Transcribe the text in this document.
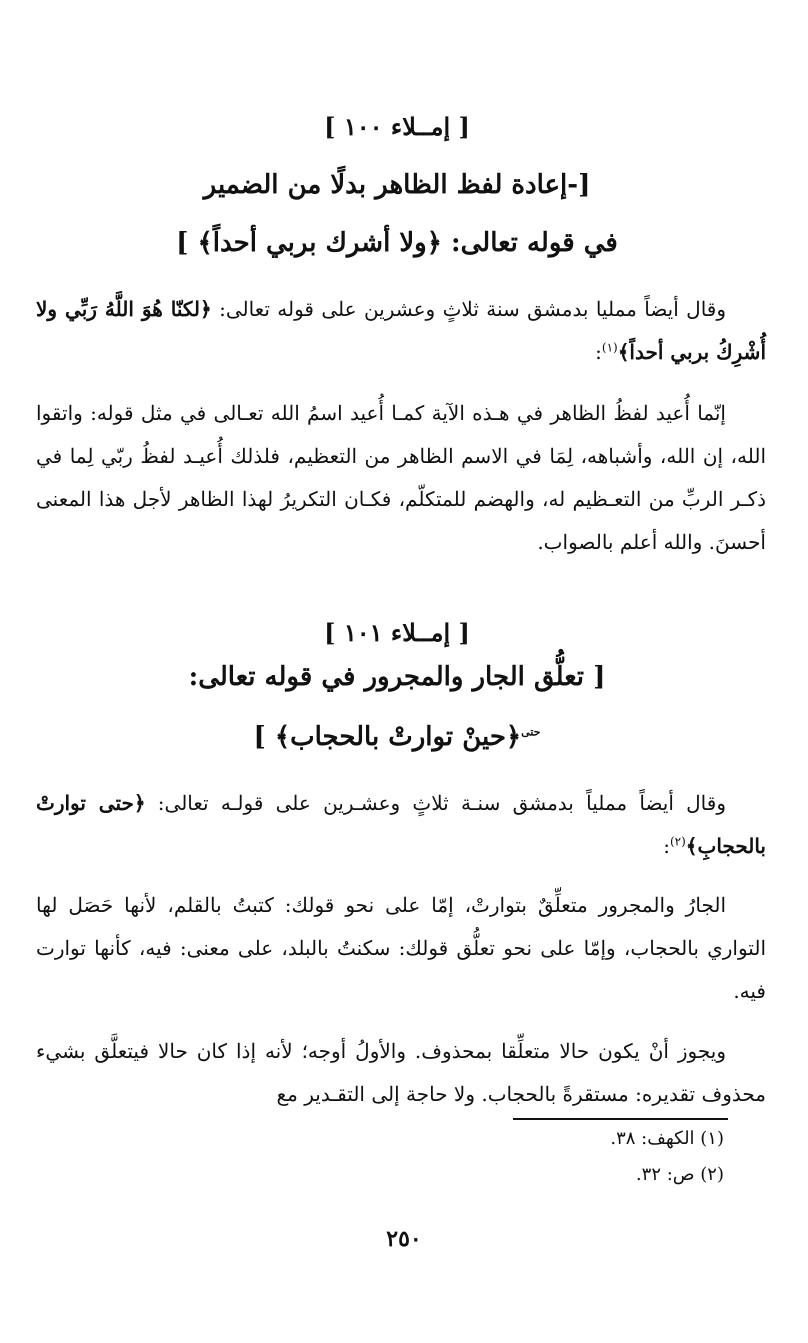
[ إمــلاء ١٠٠ ]
[-إعادة لفظ الظاهر بدلًا من الضمير
في قوله تعالى: ﴿ولا أشرك بربي أحداً﴾ ]

وقال أيضاً ممليا بدمشق سنة ثلاثٍ وعشرين على قوله تعالى: ﴿لكنّا هُوَ اللَّهُ رَبِّي ولا أُشْرِكُ بربي أحداً﴾$^{(١)}$:

إنّما أُعيد لفظُ الظاهر في هـذه الآية كمـا أُعيد اسمُ الله تعـالى في مثل قوله: واتقوا الله، إن الله، وأشباهه، لِمَا في الاسم الظاهر من التعظيم، فلذلك أُعيـد لفظُ ربّي لِما في ذكـر الربِّ من التعـظيم له، والهضم للمتكلّم، فكـان التكريرُ لهذا الظاهر لأجل هذا المعنى أحسنَ. والله أعلم بالصواب.

[ إمــلاء ١٠١ ]
[ تعلُّق الجار والمجرور في قوله تعالى:
$^{حتى}$﴿حينْ توارتْ بالحجاب﴾ ]

وقال أيضاً مملياً بدمشق سنـة ثلاثٍ وعشـرين على قولـه تعالى: ﴿حتى توارتْ بالحجابِ﴾$^{(٢)}$:

الجارُ والمجرور متعلِّقٌ بتوارتْ، إمّا على نحو قولك: كتبتُ بالقلم، لأنها حَصَل لها التواري بالحجاب، وإمّا على نحو تعلُّق قولك: سكنتُ بالبلد، على معنى: فيه، كأنها توارت فيه.

ويجوز أنْ يكون حالا متعلِّقا بمحذوف. والأولُ أوجه؛ لأنه إذا كان حالا فيتعلَّق بشيء محذوف تقديره: مستقرةً بالحجاب. ولا حاجة إلى التقـدير مع

(١) الكهف: ٣٨.
(٢) ص: ٣٢.
٢٥٠
